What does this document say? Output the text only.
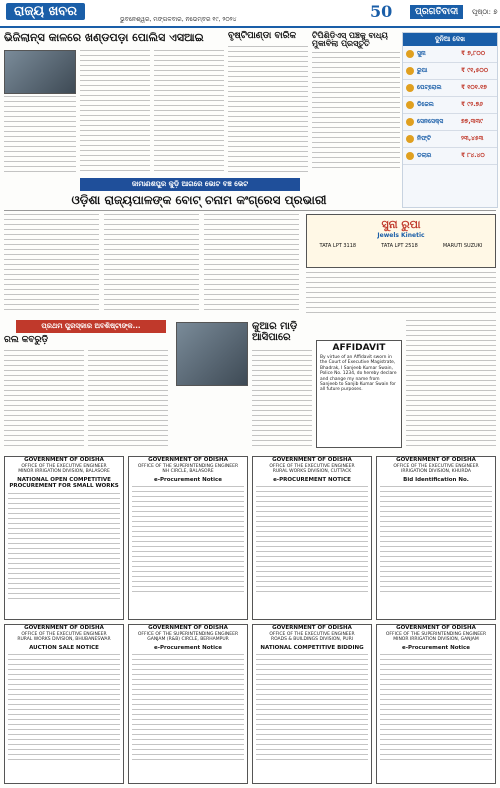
ରାଜ୍ୟ ଖବର
ଭୁବନେଶ୍ୱର, ମଙ୍ଗଳବାର, ନଭେମ୍ବର ୧୯, ୨୦୨୪	50	ପ୍ରଗତିବାଦୀ	ପୃଷ୍ଠା: ୭
ଭିଜିଲାନ୍ସ କାଳରେ ଖଣ୍ଡପଡ଼ା ପୋଲିସ ଏସଆଇ	ବୃଷ୍ଟିପାଣ୍ଡା ବାରିକ	ଟିପିଶିଡ଼ିଏସ୍ ପଞ୍ଚକୁ ବାଧ୍ୟ ମୁକାବିଲା ପ୍ରସ୍ତୁତି
ଦୁନିଆ ଦେଖ
ସୁନା	₹ ୭,୮୦୦
ରୁପା	₹ ୯୧,୫୦୦
ପେଟ୍ରୋଲ	₹ ୧୦୧.୧୭
ଡିଜେଲ	₹ ୯୨.୭୬
ସେନସେକ୍ସ	୭୭,୩୩୯
ନିଫ୍ଟି	୨୩,୪୫୩
ଡଲାର	₹ ୮୪.୪୦
ଜାମାଣଶପୁର କୁଡ଼ି ଆଗରେ ଭୋଟ ବଞ୍ଚ ଭେଟ
ଓଡ଼ିଶା ରାଜ୍ୟପାଳଙ୍କ ବୋଟ୍ ଚନାମ କଂଗ୍ରେସ ପ୍ରଭାରୀ
ସୁନା ରୁପା
Jewels Kinetic
TATA LPT 3118	TATA LPT 2518	MARUTI SUZUKI
ପ୍ରଥମ ପୁରସ୍କାର ଅବଶିଷ୍ଟାଙ୍କ...
ରଲ କବରୁଡ଼ି
କୁଆର ମାଡ଼ି ଆସିପାରେ
AFFIDAVIT
By virtue of an Affidavit sworn in the Court of Executive Magistrate, Bhadrak, I Sanjeeb Kumar Swain, Police No. 1234, do hereby declare and change my name from Sanjeeb to Sanjib Kumar Swain for all future purposes.
GOVERNMENT OF ODISHA
OFFICE OF THE EXECUTIVE ENGINEER
MINOR IRRIGATION DIVISION, BALASORE
NATIONAL OPEN COMPETITIVE PROCUREMENT FOR SMALL WORKS
GOVERNMENT OF ODISHA
OFFICE OF THE SUPERINTENDING ENGINEER
NH CIRCLE, BALASORE
e-Procurement Notice
GOVERNMENT OF ODISHA
OFFICE OF THE EXECUTIVE ENGINEER
RURAL WORKS DIVISION, CUTTACK
e-PROCUREMENT NOTICE
GOVERNMENT OF ODISHA
OFFICE OF THE EXECUTIVE ENGINEER
IRRIGATION DIVISION, KHURDA
Bid Identification No.
GOVERNMENT OF ODISHA
OFFICE OF THE EXECUTIVE ENGINEER
RURAL WORKS DIVISION, BHUBANESWAR
AUCTION SALE NOTICE
GOVERNMENT OF ODISHA
OFFICE OF THE SUPERINTENDING ENGINEER
GANJAM (R&B) CIRCLE, BERHAMPUR
e-Procurement Notice
GOVERNMENT OF ODISHA
OFFICE OF THE EXECUTIVE ENGINEER
ROADS & BUILDINGS DIVISION, PURI
NATIONAL COMPETITIVE BIDDING
GOVERNMENT OF ODISHA
OFFICE OF THE SUPERINTENDING ENGINEER
MINOR IRRIGATION DIVISION, GANJAM
e-Procurement Notice
